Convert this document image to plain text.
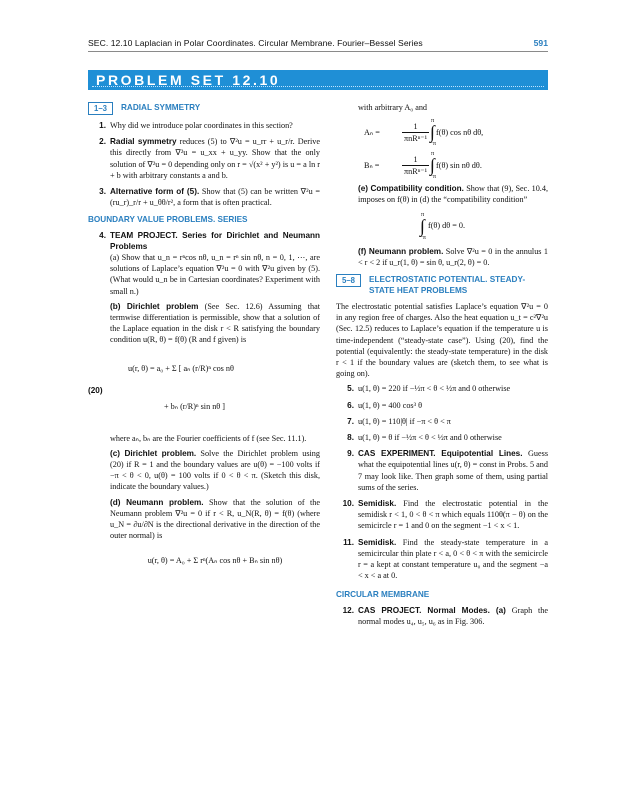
SEC. 12.10 Laplacian in Polar Coordinates. Circular Membrane. Fourier–Bessel Series	591
PROBLEM SET 12.10
1–3	RADIAL SYMMETRY
1. Why did we introduce polar coordinates in this section?
2. Radial symmetry reduces (5) to ∇²u = u_rr + u_r/r. Derive this directly from ∇²u = u_xx + u_yy. Show that the only solution of ∇²u = 0 depending only on r = √(x² + y²) is u = a ln r + b with arbitrary constants a and b.
3. Alternative form of (5). Show that (5) can be written ∇²u = (ru_r)_r/r + u_θθ/r², a form that is often practical.
BOUNDARY VALUE PROBLEMS. SERIES
4. TEAM PROJECT. Series for Dirichlet and Neumann Problems
(a) Show that u_n = rⁿcos nθ, u_n = rⁿ sin nθ, n = 0, 1, ⋯, are solutions of Laplace’s equation ∇²u = 0 with ∇²u given by (5). (What would u_n be in Cartesian coordinates? Experiment with small n.)
(b) Dirichlet problem (See Sec. 12.6) Assuming that termwise differentiation is permissible, show that a solution of the Laplace equation in the disk r < R satisfying the boundary condition u(R, θ) = f(θ) (R and f given) is
(20)
u(r, θ) = a₀ + Σ [ aₙ (r/R)ⁿ cos nθ
+ bₙ (r/R)ⁿ sin nθ ]
where aₙ, bₙ are the Fourier coefficients of f (see Sec. 11.1).
(c) Dirichlet problem. Solve the Dirichlet problem using (20) if R = 1 and the boundary values are u(θ) = −100 volts if −π < θ < 0, u(θ) = 100 volts if 0 < θ < π. (Sketch this disk, indicate the boundary values.)
(d) Neumann problem. Show that the solution of the Neumann problem ∇²u = 0 if r < R, u_N(R, θ) = f(θ) (where u_N = ∂u/∂N is the directional derivative in the direction of the outer normal) is
u(r, θ) = A₀ + Σ rⁿ(Aₙ cos nθ + Bₙ sin nθ)
with arbitrary A₀ and
Aₙ =	$\frac{1}{\text{πnRⁿ⁻¹}}$ π
∫
−π
f(θ) cos nθ dθ,
Bₙ =	$\frac{1}{\text{πnRⁿ⁻¹}}$ π
∫
−π
f(θ) sin nθ dθ.
(e) Compatibility condition. Show that (9), Sec. 10.4, imposes on f(θ) in (d) the “compatibility condition”
π
∫
−π f(θ) dθ = 0.
(f) Neumann problem. Solve ∇²u = 0 in the annulus 1 < r < 2 if u_r(1, θ) = sin θ, u_r(2, θ) = 0.
5–8	ELECTROSTATIC POTENTIAL. STEADY-STATE HEAT PROBLEMS
The electrostatic potential satisfies Laplace’s equation ∇²u = 0 in any region free of charges. Also the heat equation u_t = c²∇²u (Sec. 12.5) reduces to Laplace’s equation if the temperature u is time-independent (“steady-state case”). Using (20), find the potential (equivalently: the steady-state temperature) in the disk r < 1 if the boundary values are (sketch them, to see what is going on).
5. u(1, θ) = 220 if −½π < θ < ½π and 0 otherwise
6. u(1, θ) = 400 cos³ θ
7. u(1, θ) = 110|θ| if −π < θ < π
8. u(1, θ) = θ if −½π < θ < ½π and 0 otherwise
9. CAS EXPERIMENT. Equipotential Lines. Guess what the equipotential lines u(r, θ) = const in Probs. 5 and 7 may look like. Then graph some of them, using partial sums of the series.
10. Semidisk. Find the electrostatic potential in the semidisk r < 1, 0 < θ < π which equals 110θ(π − θ) on the semicircle r = 1 and 0 on the segment −1 < x < 1.
11. Semidisk. Find the steady-state temperature in a semicircular thin plate r < a, 0 < θ < π with the semicircle r = a kept at constant temperature u₀ and the segment −a < x < a at 0.
CIRCULAR MEMBRANE
12. CAS PROJECT. Normal Modes. (a) Graph the normal modes u₄, u₅, u₆ as in Fig. 306.
